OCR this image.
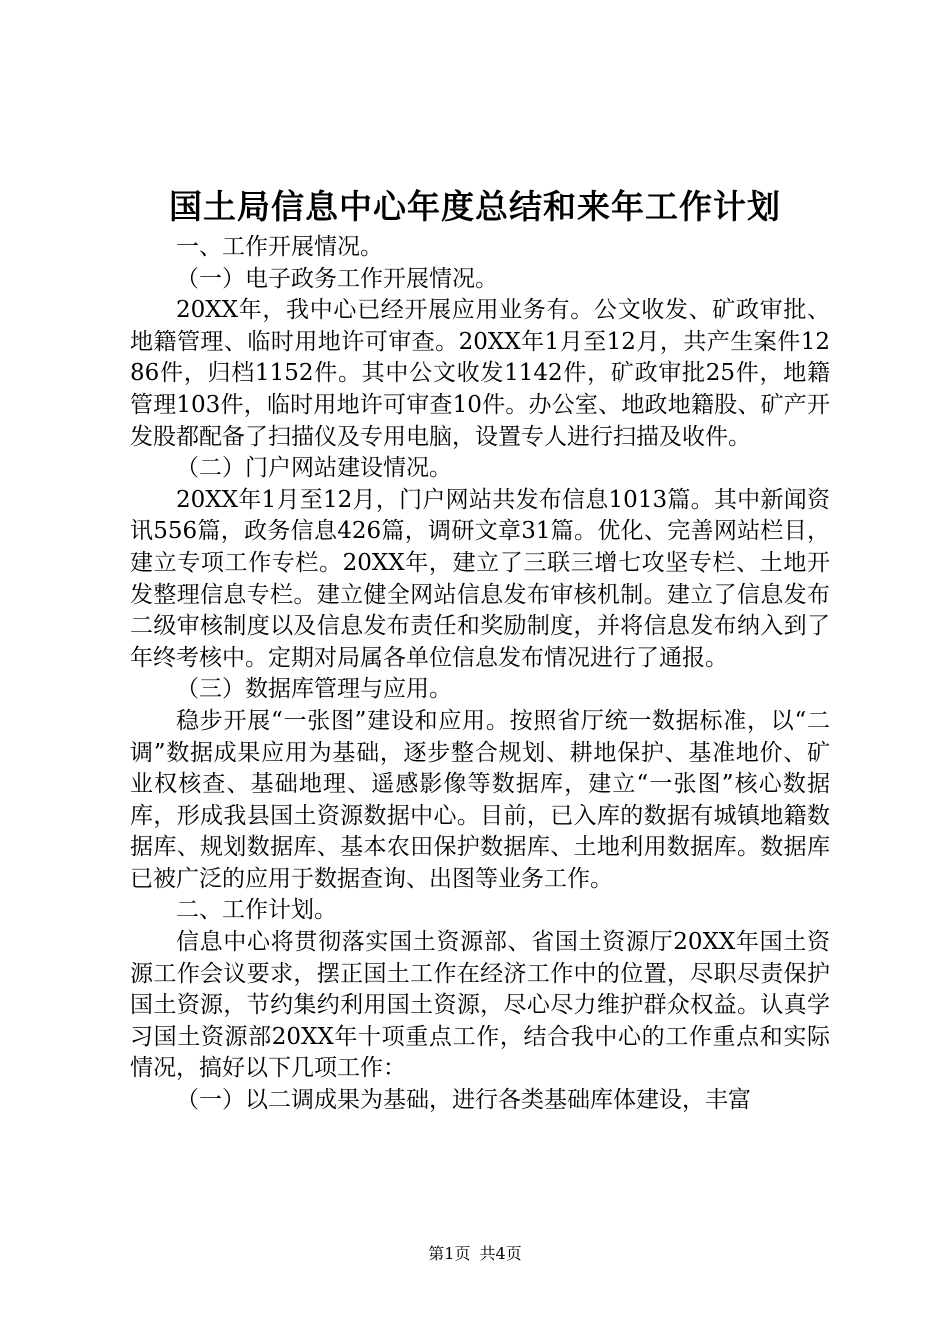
国土局信息中心年度总结和来年工作计划

一、工作开展情况。

（一）电子政务工作开展情况。

20XX年，我中心已经开展应用业务有。公文收发、矿政审批、地籍管理、临时用地许可审查。20XX年1月至12月，共产生案件1286件，归档1152件。其中公文收发1142件，矿政审批25件，地籍管理103件，临时用地许可审查10件。办公室、地政地籍股、矿产开发股都配备了扫描仪及专用电脑，设置专人进行扫描及收件。

（二）门户网站建设情况。

20XX年1月至12月，门户网站共发布信息1013篇。其中新闻资讯556篇，政务信息426篇，调研文章31篇。优化、完善网站栏目，建立专项工作专栏。20XX年，建立了三联三增七攻坚专栏、土地开发整理信息专栏。建立健全网站信息发布审核机制。建立了信息发布二级审核制度以及信息发布责任和奖励制度，并将信息发布纳入到了年终考核中。定期对局属各单位信息发布情况进行了通报。

（三）数据库管理与应用。

稳步开展“一张图”建设和应用。按照省厅统一数据标准，以“二调”数据成果应用为基础，逐步整合规划、耕地保护、基准地价、矿业权核查、基础地理、遥感影像等数据库，建立“一张图”核心数据库，形成我县国土资源数据中心。目前，已入库的数据有城镇地籍数据库、规划数据库、基本农田保护数据库、土地利用数据库。数据库已被广泛的应用于数据查询、出图等业务工作。

二、工作计划。

信息中心将贯彻落实国土资源部、省国土资源厅20XX年国土资源工作会议要求，摆正国土工作在经济工作中的位置，尽职尽责保护国土资源，节约集约利用国土资源，尽心尽力维护群众权益。认真学习国土资源部20XX年十项重点工作，结合我中心的工作重点和实际情况，搞好以下几项工作：

（一）以二调成果为基础，进行各类基础库体建设，丰富

第1页 共4页
